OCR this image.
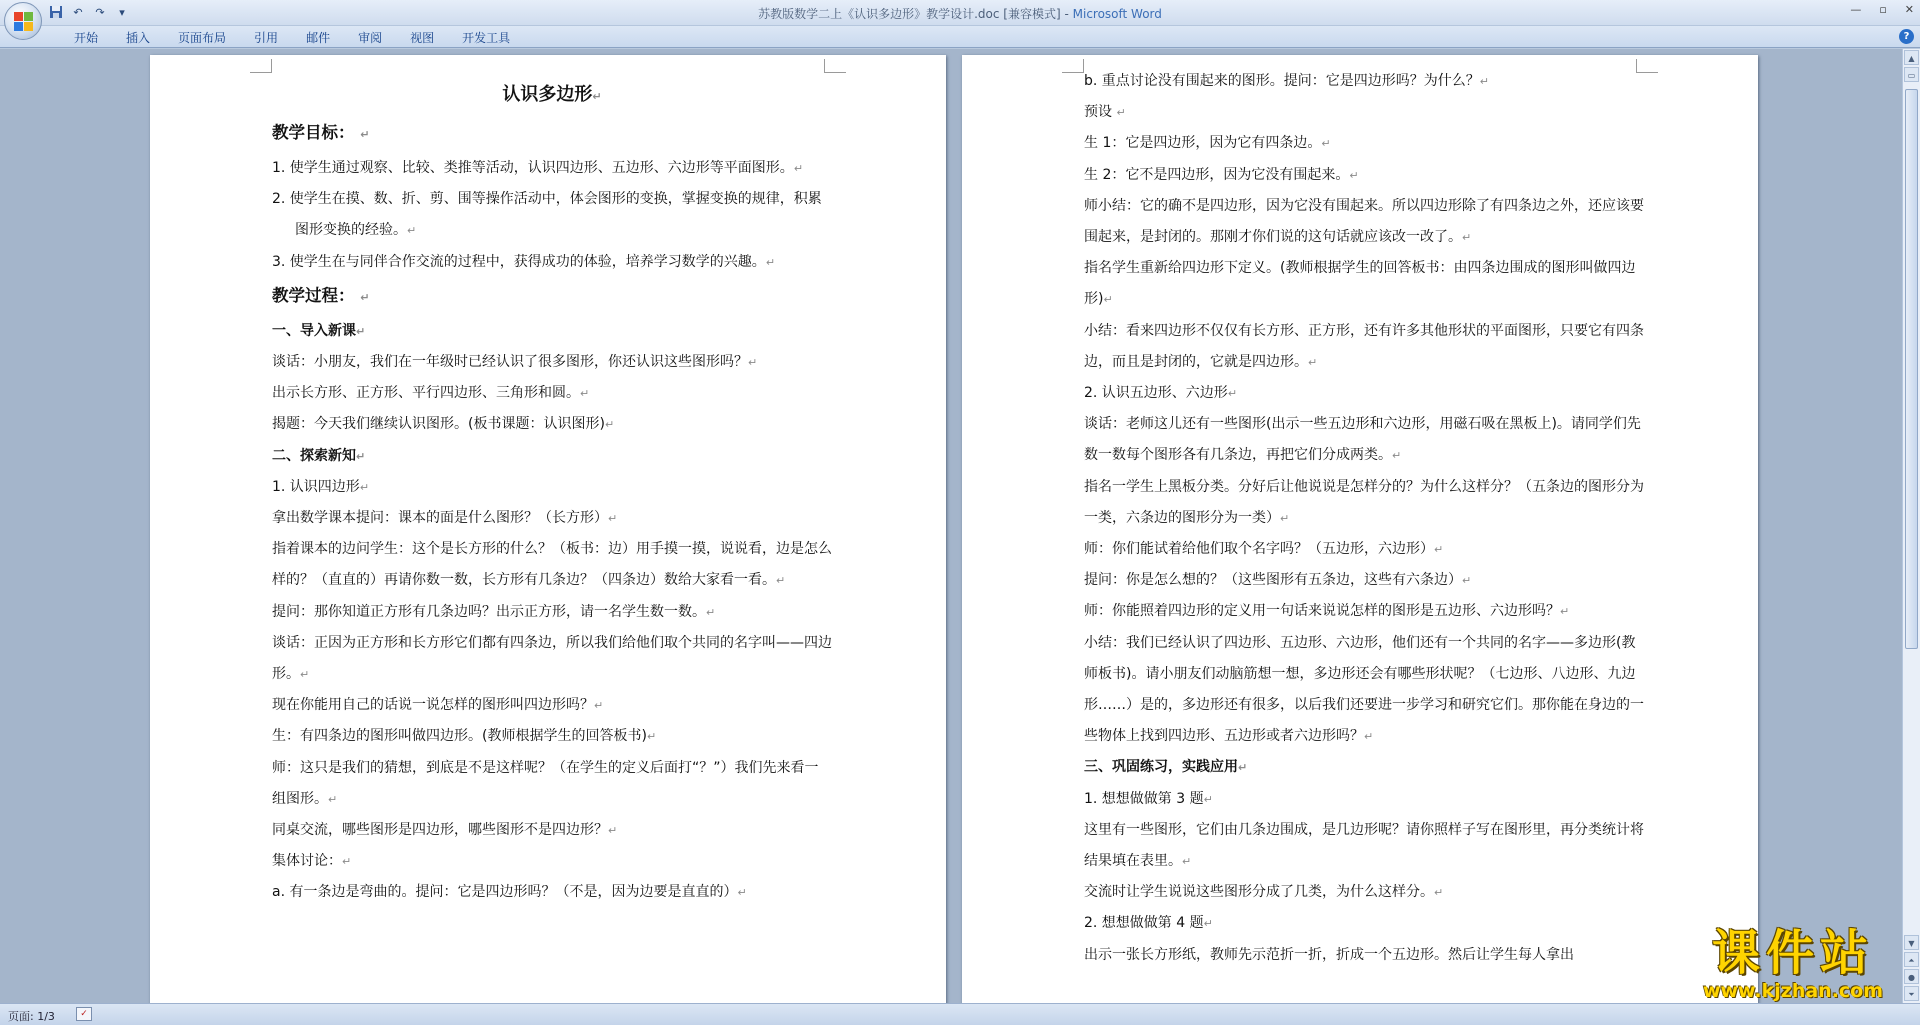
↶	↷	▾	苏教版数学二上《认识多边形》教学设计.doc [兼容模式] - Microsoft Word	— ▫ ✕
开始	插入	页面布局	引用	邮件	审阅	视图	开发工具	?
认识多边形↵
教学目标： ↵
1. 使学生通过观察、比较、类推等活动，认识四边形、五边形、六边形等平面图形。↵
2. 使学生在摸、数、折、剪、围等操作活动中，体会图形的变换，掌握变换的规律，积累图形变换的经验。↵
3. 使学生在与同伴合作交流的过程中，获得成功的体验，培养学习数学的兴趣。↵
教学过程： ↵
一、导入新课↵
谈话：小朋友，我们在一年级时已经认识了很多图形，你还认识这些图形吗？↵
出示长方形、正方形、平行四边形、三角形和圆。↵
揭题：今天我们继续认识图形。(板书课题：认识图形)↵
二、探索新知↵
1. 认识四边形↵
拿出数学课本提问：课本的面是什么图形？（长方形）↵
指着课本的边问学生：这个是长方形的什么？（板书：边）用手摸一摸，说说看，边是怎么样的？（直直的）再请你数一数，长方形有几条边？（四条边）数给大家看一看。↵
提问：那你知道正方形有几条边吗？出示正方形，请一名学生数一数。↵
谈话：正因为正方形和长方形它们都有四条边，所以我们给他们取个共同的名字叫——四边形。↵
现在你能用自己的话说一说怎样的图形叫四边形吗？↵
生：有四条边的图形叫做四边形。(教师根据学生的回答板书)↵
师：这只是我们的猜想，到底是不是这样呢？（在学生的定义后面打“？”）我们先来看一组图形。↵
同桌交流，哪些图形是四边形，哪些图形不是四边形？↵
集体讨论：↵
a. 有一条边是弯曲的。提问：它是四边形吗？（不是，因为边要是直直的）↵
b. 重点讨论没有围起来的图形。提问：它是四边形吗？为什么？↵
预设 ↵
生 1：它是四边形，因为它有四条边。↵
生 2：它不是四边形，因为它没有围起来。↵
师小结：它的确不是四边形，因为它没有围起来。所以四边形除了有四条边之外，还应该要围起来，是封闭的。那刚才你们说的这句话就应该改一改了。↵
指名学生重新给四边形下定义。(教师根据学生的回答板书：由四条边围成的图形叫做四边形)↵
小结：看来四边形不仅仅有长方形、正方形，还有许多其他形状的平面图形，只要它有四条边，而且是封闭的，它就是四边形。↵
2. 认识五边形、六边形↵
谈话：老师这儿还有一些图形(出示一些五边形和六边形，用磁石吸在黑板上)。请同学们先数一数每个图形各有几条边，再把它们分成两类。↵
指名一学生上黑板分类。分好后让他说说是怎样分的？为什么这样分？（五条边的图形分为一类，六条边的图形分为一类）↵
师：你们能试着给他们取个名字吗？（五边形，六边形）↵
提问：你是怎么想的？（这些图形有五条边，这些有六条边）↵
师：你能照着四边形的定义用一句话来说说怎样的图形是五边形、六边形吗？↵
小结：我们已经认识了四边形、五边形、六边形，他们还有一个共同的名字——多边形(教师板书)。请小朋友们动脑筋想一想，多边形还会有哪些形状呢？（七边形、八边形、九边形……）是的，多边形还有很多，以后我们还要进一步学习和研究它们。那你能在身边的一些物体上找到四边形、五边形或者六边形吗？↵
三、巩固练习，实践应用↵
1. 想想做做第 3 题↵
这里有一些图形，它们由几条边围成，是几边形呢？请你照样子写在图形里，再分类统计将结果填在表里。↵
交流时让学生说说这些图形分成了几类，为什么这样分。↵
2. 想想做做第 4 题↵
出示一张长方形纸，教师先示范折一折，折成一个五边形。然后让学生每人拿出
▲
▭
▼
⏶
●
⏷
页面: 1/3	✓
课件站
www.kjzhan.com
